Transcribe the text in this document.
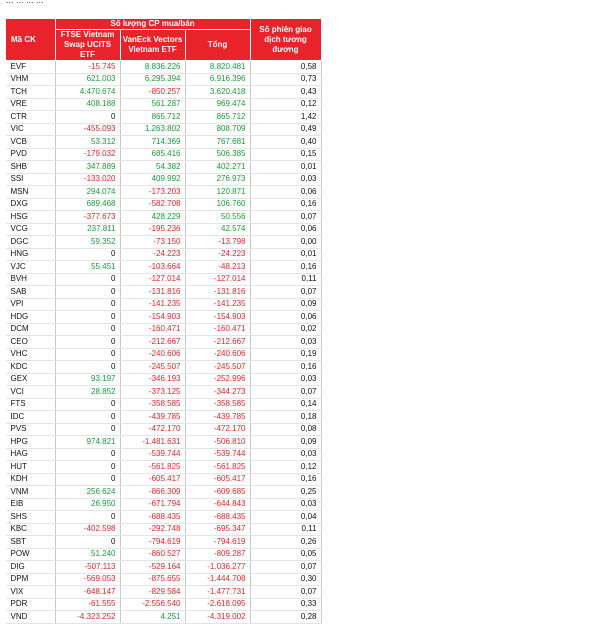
... ... ... ...
Mã CK	Số lượng CP mua/bán			Số phiên giao dịch tương đương
	FTSE Vietnam Swap UCITS ETF	VanEck Vectors Vietnam ETF	Tổng	
EVF	-15.745	8.836.226	8.820.481	0,58
VHM	621.003	6.295.394	6.916.396	0,73
TCH	4.470.674	-850.257	3.620.418	0,43
VRE	408.188	561.287	969.474	0,12
CTR	0	865.712	865.712	1,42
VIC	-455.093	1.263.802	808.709	0,49
VCB	53.312	714.369	767.681	0,40
PVD	-179.032	685.416	506.385	0,15
SHB	347.889	54.382	402.271	0,01
SSI	-133.020	409.992	276.973	0,03
MSN	294.074	-173.203	120.871	0,06
DXG	689.468	-582.708	106.760	0,16
HSG	-377.673	428.229	50.556	0,07
VCG	237.811	-195.236	42.574	0,06
DGC	59.352	-73.150	-13.798	0,00
HNG	0	-24.223	-24.223	0,01
VJC	55.451	-103.664	-48.213	0,16
BVH	0	-127.014	-127.014	0,11
SAB	0	-131.816	-131.816	0,07
VPI	0	-141.235	-141.235	0,09
HDG	0	-154.903	-154.903	0,06
DCM	0	-160.471	-160.471	0,02
CEO	0	-212.667	-212.667	0,03
VHC	0	-240.606	-240.606	0,19
KDC	0	-245.507	-245.507	0,16
GEX	93.197	-346.193	-252.996	0,03
VCI	28.852	-373.125	-344.273	0,07
FTS	0	-358.585	-358.585	0,14
IDC	0	-439.785	-439.785	0,18
PVS	0	-472.170	-472.170	0,08
HPG	974.821	-1.481.631	-506.810	0,09
HAG	0	-539.744	-539.744	0,03
HUT	0	-561.825	-561.825	0,12
KDH	0	-605.417	-605.417	0,16
VNM	256.624	-866.309	-609.685	0,25
EIB	26.950	-671.794	-644.843	0,03
SHS	0	-688.435	-688.435	0,04
KBC	-402.598	-292.748	-695.347	0,11
SBT	0	-794.619	-794.619	0,26
POW	51.240	-860.527	-809.287	0,05
DIG	-507.113	-529.164	-1.036.277	0,07
DPM	-569.053	-875.655	-1.444.708	0,30
VIX	-648.147	-829.584	-1.477.731	0,07
PDR	-61.555	-2.556.540	-2.618.095	0,33
VND	-4.323.252	4.251	-4.319.002	0,28
